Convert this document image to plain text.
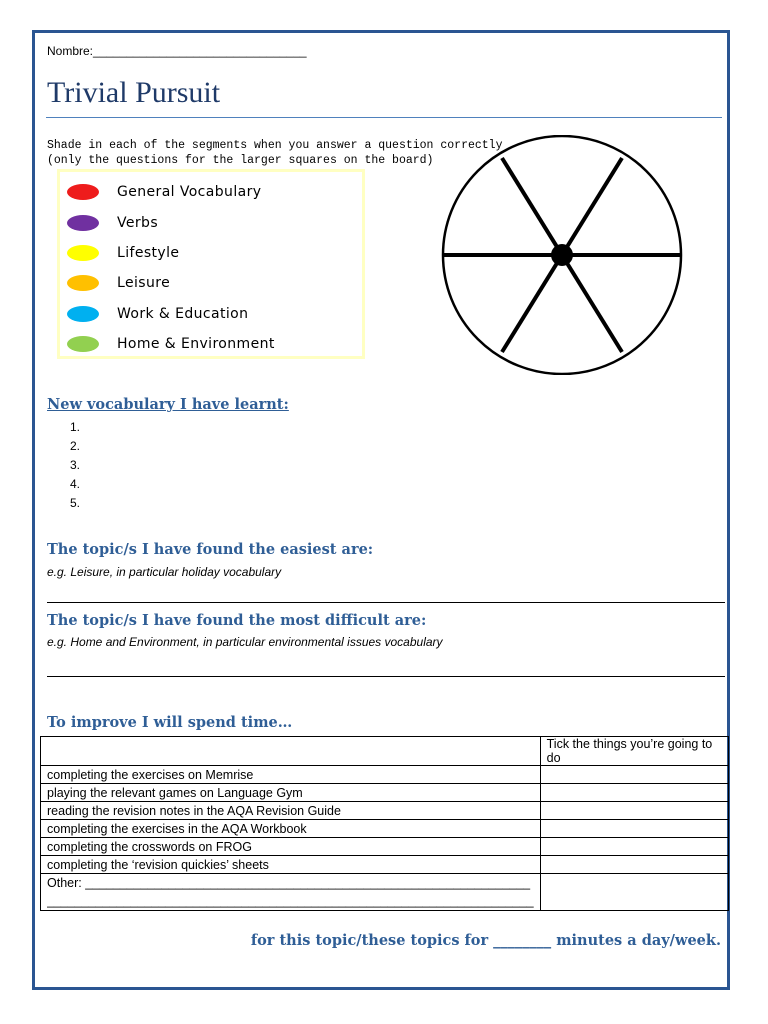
Nombre:________________________________
Trivial Pursuit
Shade in each of the segments when you answer a question correctly
(only the questions for the larger squares on the board)
General Vocabulary
Verbs
Lifestyle
Leisure
Work & Education
Home & Environment
New vocabulary I have learnt:
1.
2.
3.
4.
5.
The topic/s I have found the easiest are:
e.g. Leisure, in particular holiday vocabulary
The topic/s I have found the most difficult are:
e.g. Home and Environment, in particular environmental issues vocabulary
To improve I will spend time…
	Tick the things you’re going to do
completing the exercises on Memrise	
playing the relevant games on Language Gym	
reading the revision notes in the AQA Revision Guide	
completing the exercises in the AQA Workbook	
completing the crosswords on FROG	
completing the ‘revision quickies’ sheets	

Other: ________________________________________________________________
______________________________________________________________________	

for this topic/these topics for ________ minutes a day/week.
